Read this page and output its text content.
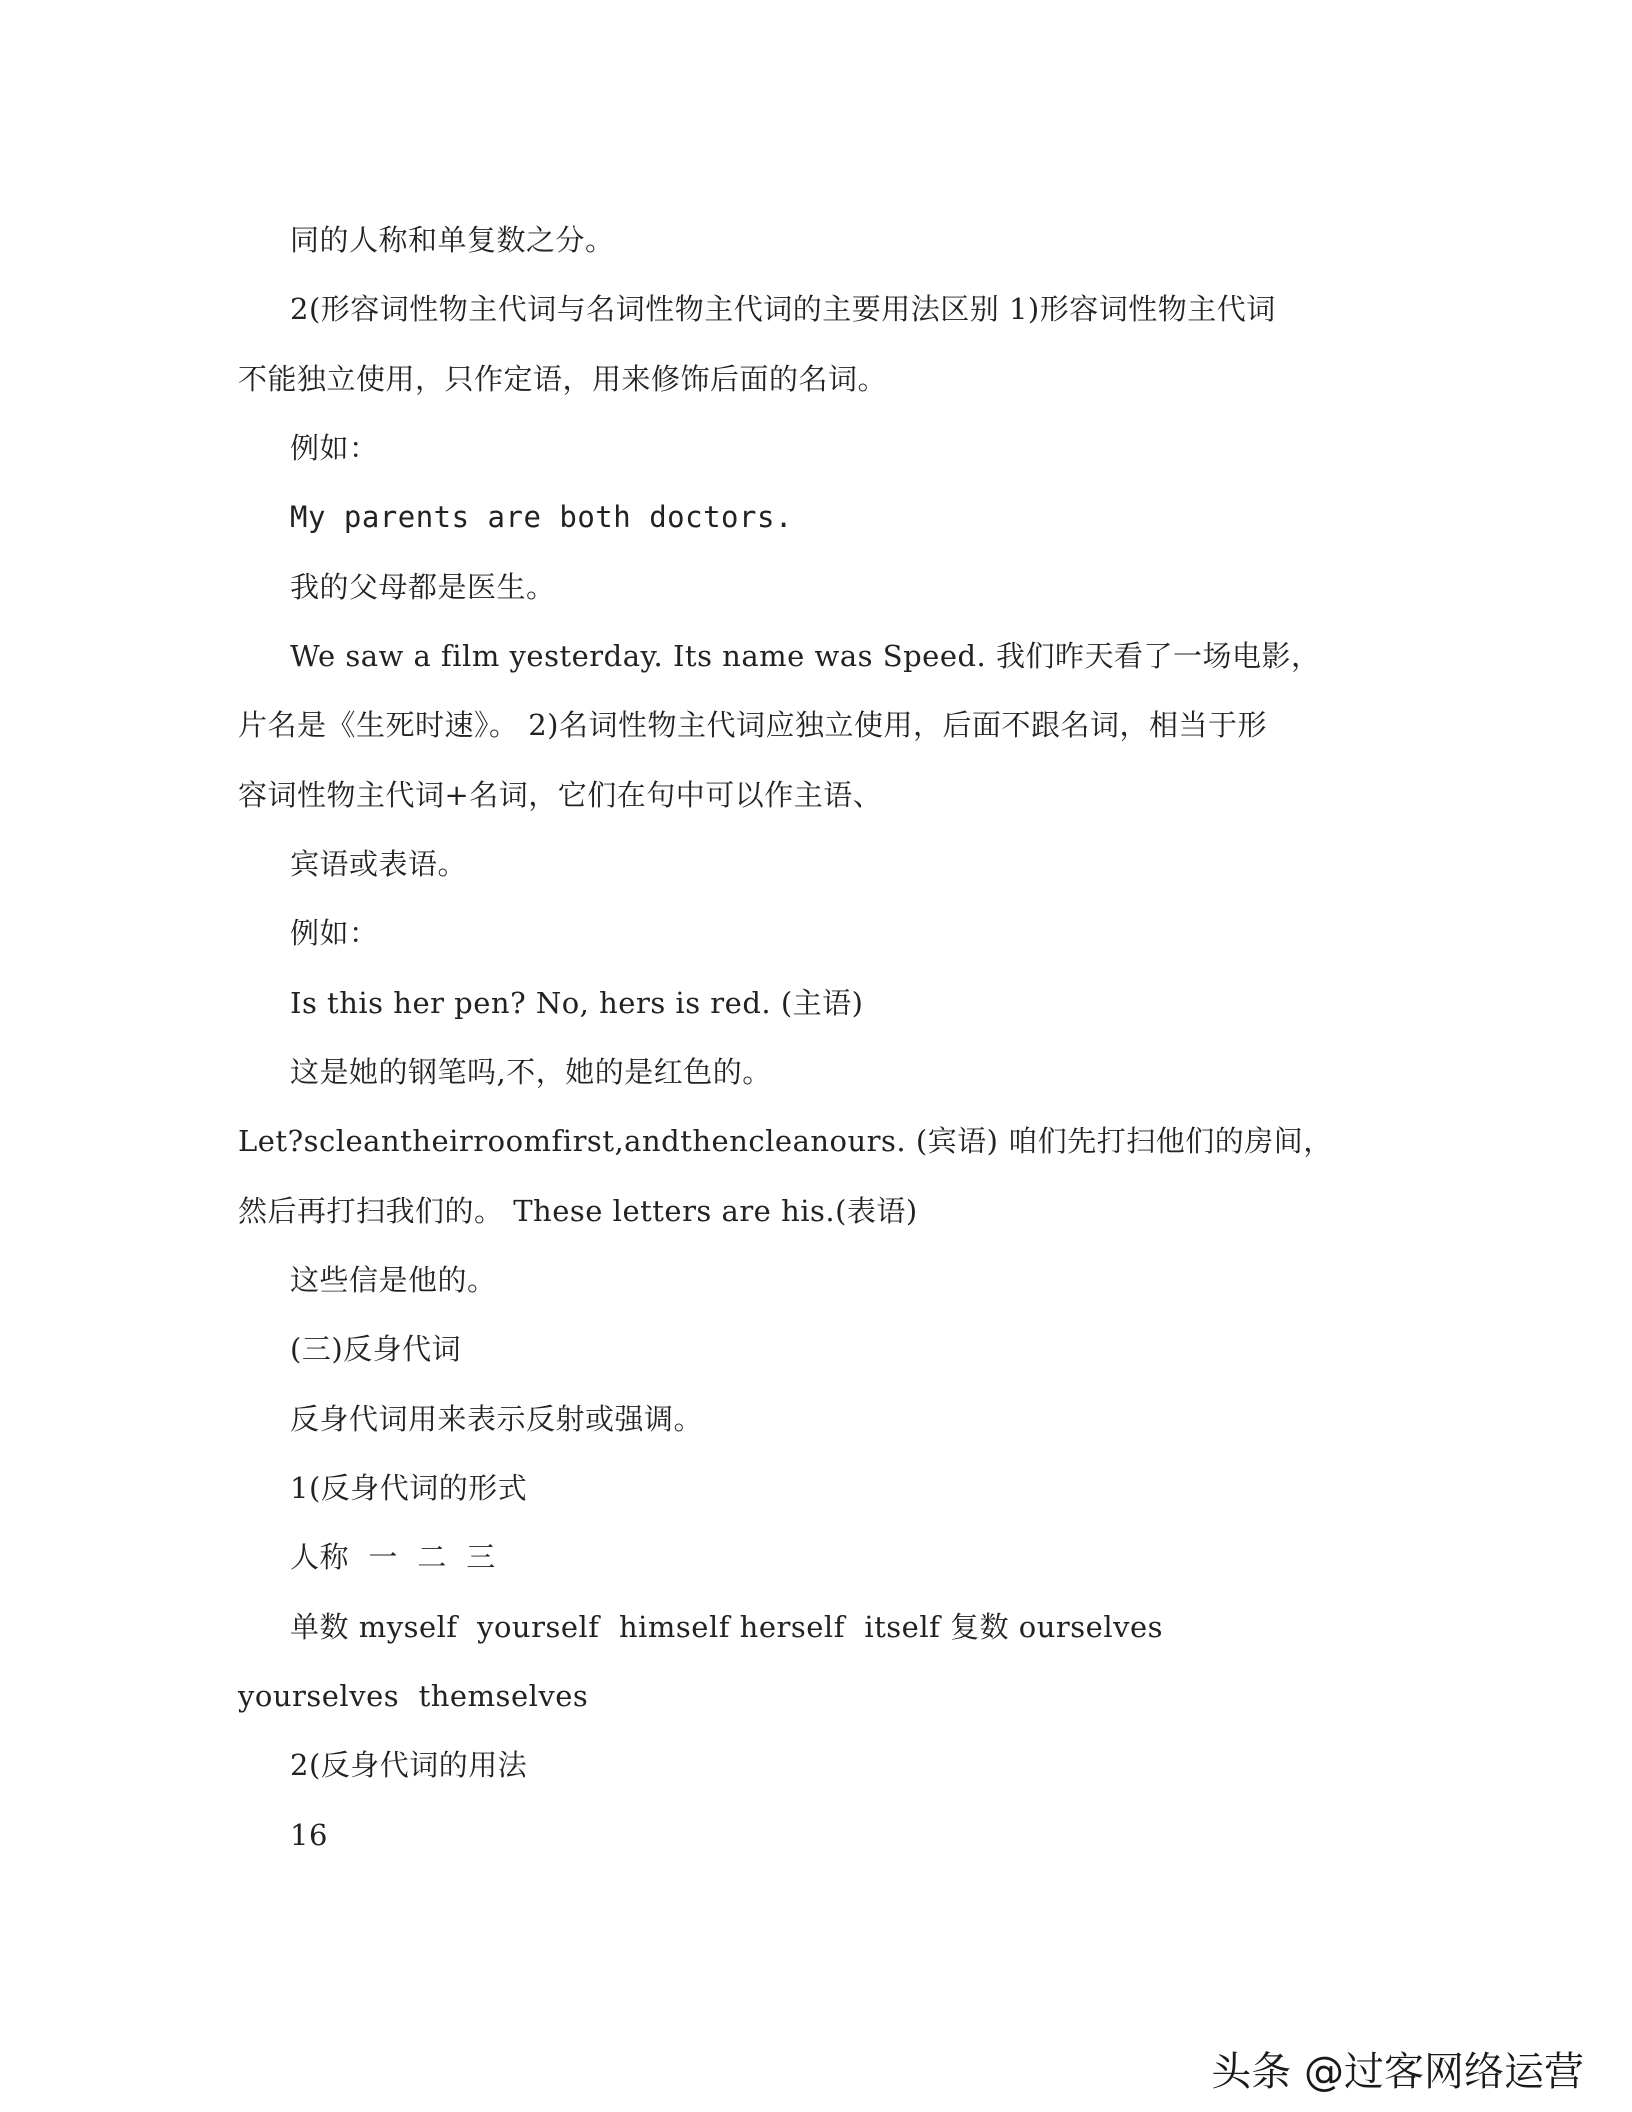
同的人称和单复数之分。
2(形容词性物主代词与名词性物主代词的主要用法区别 1)形容词性物主代词
不能独立使用，只作定语，用来修饰后面的名词。
例如：
My parents are both doctors.
我的父母都是医生。
We saw a film yesterday. Its name was Speed. 我们昨天看了一场电影，
片名是《生死时速》。 2)名词性物主代词应独立使用，后面不跟名词，相当于形
容词性物主代词+名词，它们在句中可以作主语、
宾语或表语。
例如：
Is this her pen? No, hers is red. (主语)
这是她的钢笔吗,不，她的是红色的。
Let?scleantheirroomfirst,andthencleanours. (宾语) 咱们先打扫他们的房间，
然后再打扫我们的。 These letters are his.(表语)
这些信是他的。
(三)反身代词
反身代词用来表示反射或强调。
1(反身代词的形式
人称  一  二  三
单数 myself  yourself  himself herself  itself 复数 ourselves
yourselves  themselves
2(反身代词的用法
16
头条 @过客网络运营
